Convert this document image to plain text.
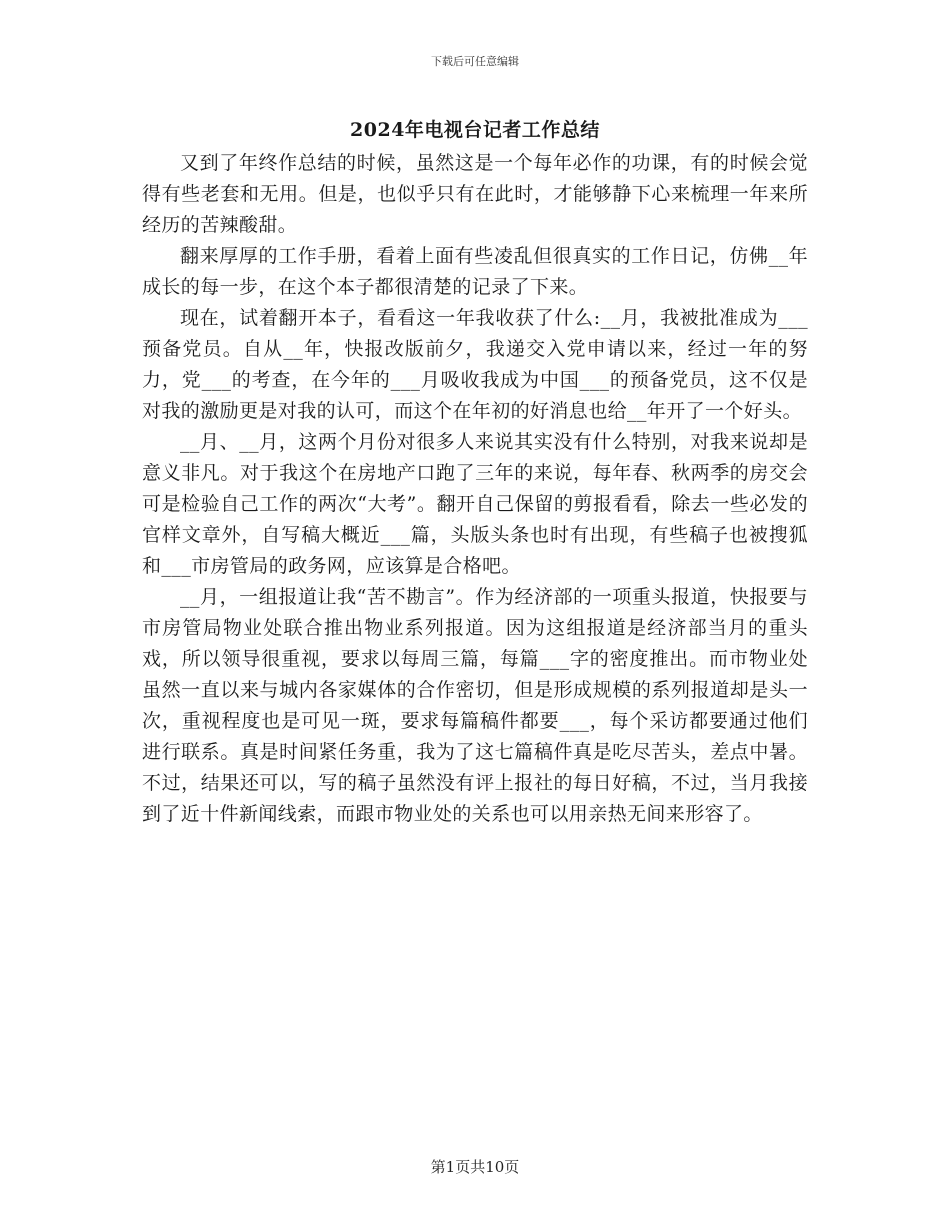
下载后可任意编辑
2024年电视台记者工作总结

又到了年终作总结的时候，虽然这是一个每年必作的功课，有的时候会觉得有些老套和无用。但是，也似乎只有在此时，才能够静下心来梳理一年来所经历的苦辣酸甜。

翻来厚厚的工作手册，看着上面有些凌乱但很真实的工作日记，仿佛__年成长的每一步，在这个本子都很清楚的记录了下来。

现在，试着翻开本子，看看这一年我收获了什么:__月，我被批准成为___预备党员。自从__年，快报改版前夕，我递交入党申请以来，经过一年的努力，党___的考查，在今年的___月吸收我成为中国___的预备党员，这不仅是对我的激励更是对我的认可，而这个在年初的好消息也给__年开了一个好头。

__月、__月，这两个月份对很多人来说其实没有什么特别，对我来说却是意义非凡。对于我这个在房地产口跑了三年的来说，每年春、秋两季的房交会可是检验自己工作的两次“大考”。翻开自己保留的剪报看看，除去一些必发的官样文章外，自写稿大概近___篇，头版头条也时有出现，有些稿子也被搜狐和___市房管局的政务网，应该算是合格吧。

__月，一组报道让我“苦不勘言”。作为经济部的一项重头报道，快报要与市房管局物业处联合推出物业系列报道。因为这组报道是经济部当月的重头戏，所以领导很重视，要求以每周三篇，每篇___字的密度推出。而市物业处虽然一直以来与城内各家媒体的合作密切，但是形成规模的系列报道却是头一次，重视程度也是可见一斑，要求每篇稿件都要___，每个采访都要通过他们进行联系。真是时间紧任务重，我为了这七篇稿件真是吃尽苦头，差点中暑。不过，结果还可以，写的稿子虽然没有评上报社的每日好稿，不过，当月我接到了近十件新闻线索，而跟市物业处的关系也可以用亲热无间来形容了。

第1页共10页
